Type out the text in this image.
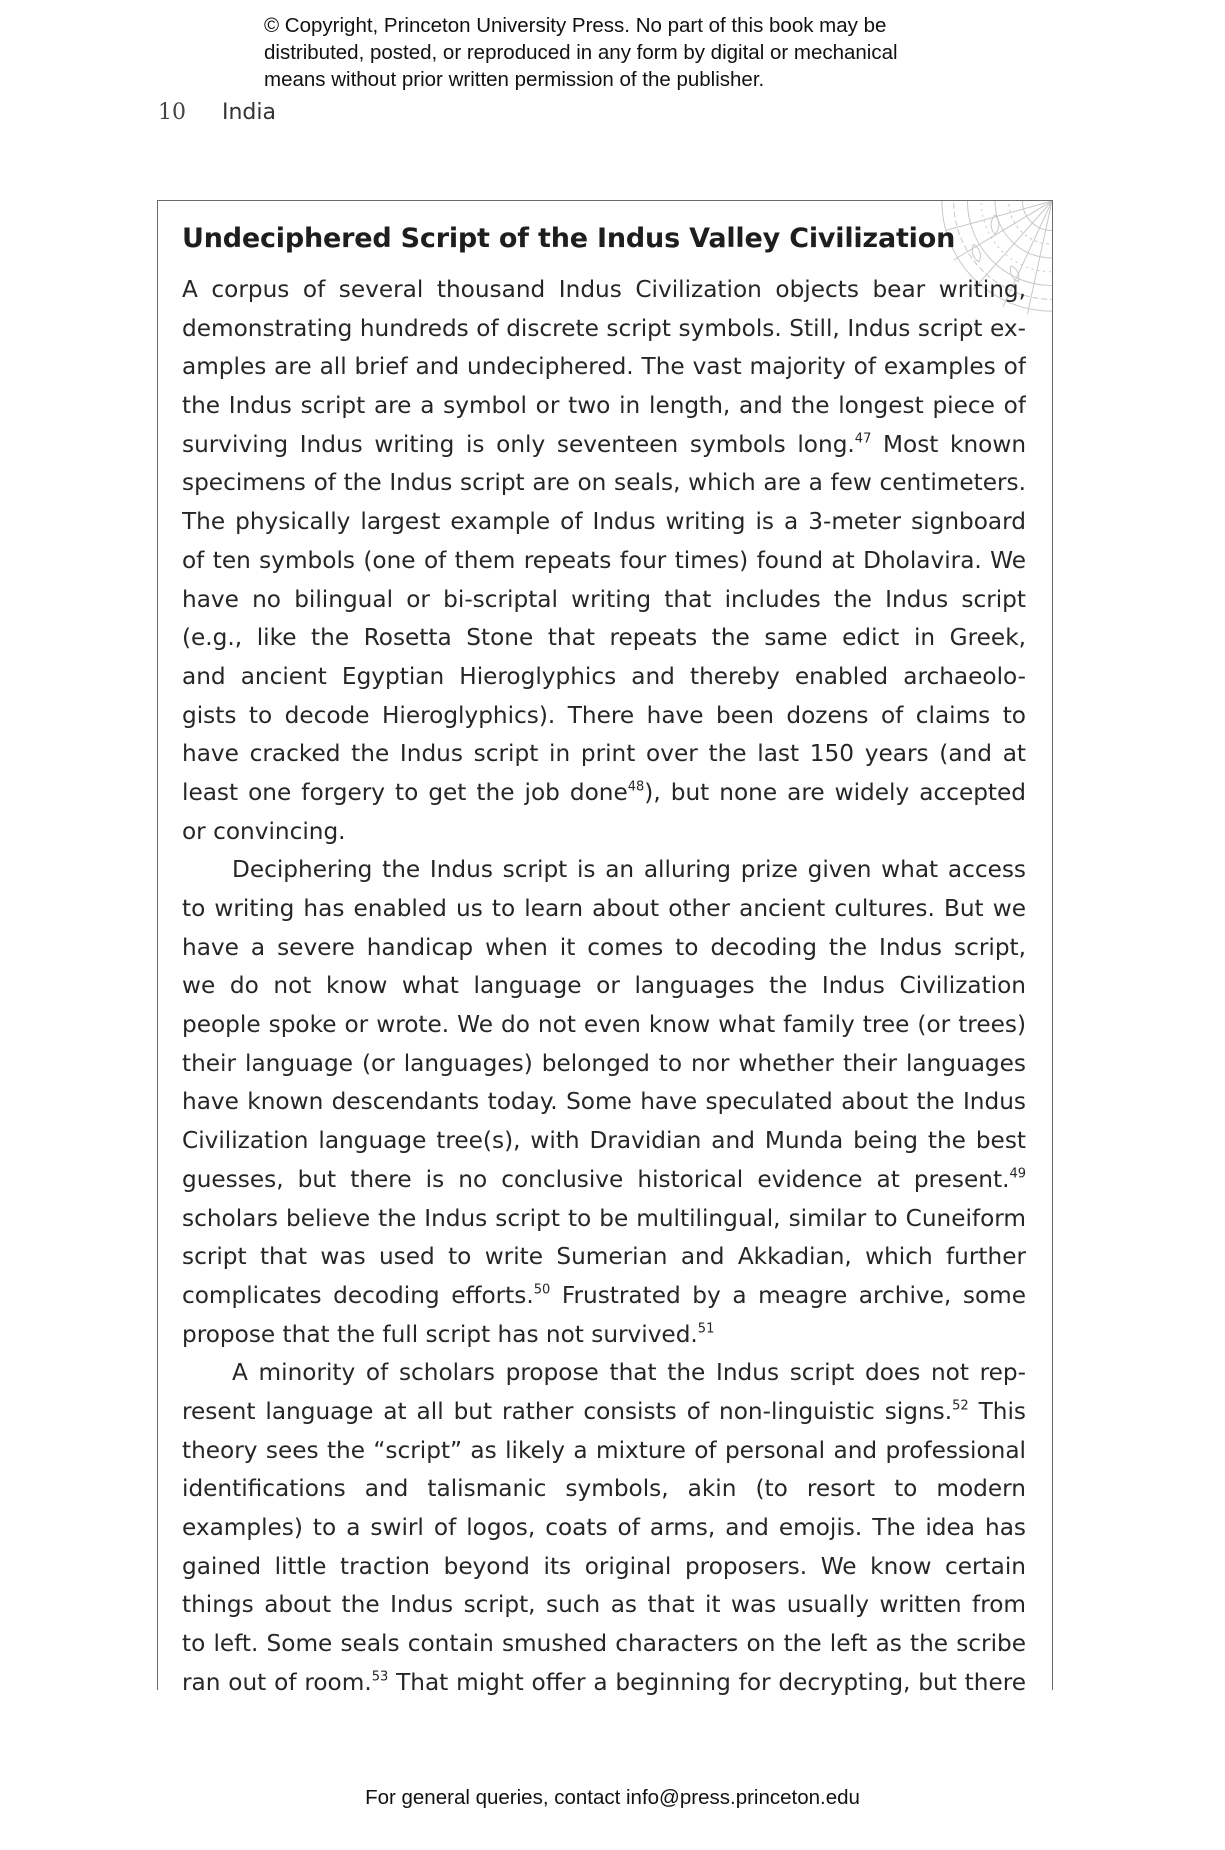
© Copyright, Princeton University Press. No part of this book may be
distributed, posted, or reproduced in any form by digital or mechanical
means without prior written permission of the publisher.
10 India
Undeciphered Script of the Indus Valley Civilization
A corpus of several thousand Indus Civilization objects bear writing,
demonstrating hundreds of discrete script symbols. Still, Indus script ex-
amples are all brief and undeciphered. The vast majority of examples of
the Indus script are a symbol or two in length, and the longest piece of
surviving Indus writing is only seventeen symbols long.$^{47}$ Most known
specimens of the Indus script are on seals, which are a few centimeters.
The physically largest example of Indus writing is a 3-meter signboard
of ten symbols (one of them repeats four times) found at Dholavira. We
have no bilingual or bi-scriptal writing that includes the Indus script
(e.g., like the Rosetta Stone that repeats the same edict in Greek,
and ancient Egyptian Hieroglyphics and thereby enabled archaeolo-
gists to decode Hieroglyphics). There have been dozens of claims to
have cracked the Indus script in print over the last 150 years (and at
least one forgery to get the job done$^{48}$), but none are widely accepted
or convincing.
Deciphering the Indus script is an alluring prize given what access
to writing has enabled us to learn about other ancient cultures. But we
have a severe handicap when it comes to decoding the Indus script,
we do not know what language or languages the Indus Civilization
people spoke or wrote. We do not even know what family tree (or trees)
their language (or languages) belonged to nor whether their languages
have known descendants today. Some have speculated about the Indus
Civilization language tree(s), with Dravidian and Munda being the best
guesses, but there is no conclusive historical evidence at present.$^{49}$
scholars believe the Indus script to be multilingual, similar to Cuneiform
script that was used to write Sumerian and Akkadian, which further
complicates decoding efforts.$^{50}$ Frustrated by a meagre archive, some
propose that the full script has not survived.$^{51}$
A minority of scholars propose that the Indus script does not rep-
resent language at all but rather consists of non-linguistic signs.$^{52}$ This
theory sees the “script” as likely a mixture of personal and professional
identifications and talismanic symbols, akin (to resort to modern
examples) to a swirl of logos, coats of arms, and emojis. The idea has
gained little traction beyond its original proposers. We know certain
things about the Indus script, such as that it was usually written from
to left. Some seals contain smushed characters on the left as the scribe
ran out of room.$^{53}$ That might offer a beginning for decrypting, but there
For general queries, contact info@press.princeton.edu
